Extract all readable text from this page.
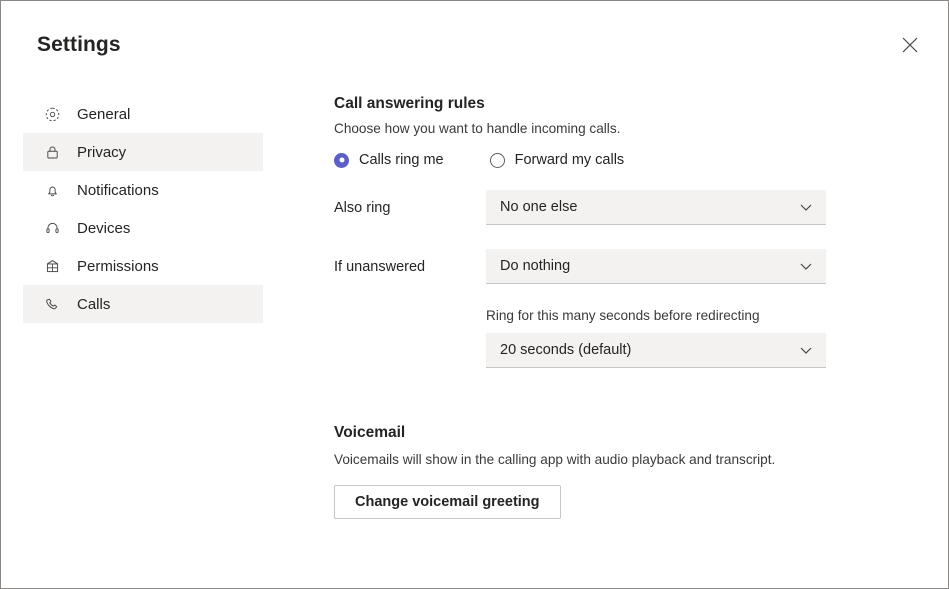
Settings
General
Privacy
Notifications
Devices
Permissions
Calls
Call answering rules
Choose how you want to handle incoming calls.
Calls ring me	Forward my calls
Also ring	No one else
If unanswered	Do nothing
Ring for this many seconds before redirecting
20 seconds (default)
Voicemail
Voicemails will show in the calling app with audio playback and transcript.
Change voicemail greeting
